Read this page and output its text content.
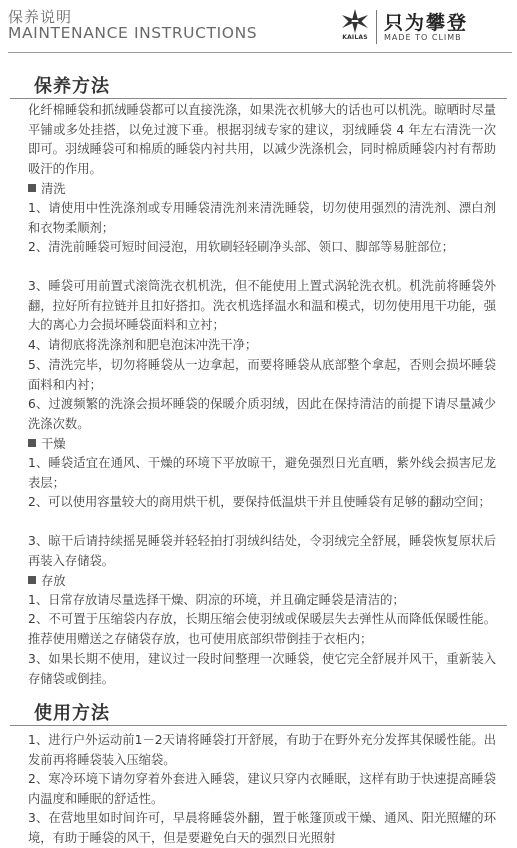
保养说明
MAINTENANCE INSTRUCTIONS	KAILAS
只为攀登
MADE TO CLIMB
保养方法

化纤棉睡袋和抓绒睡袋都可以直接洗涤，如果洗衣机够大的话也可以机洗。晾晒时尽量平铺或多处挂搭，以免过渡下垂。根据羽绒专家的建议，羽绒睡袋 4 年左右清洗一次即可。羽绒睡袋可和棉质的睡袋内衬共用，以减少洗涤机会，同时棉质睡袋内衬有帮助吸汗的作用。

清洗

1、请使用中性洗涤剂或专用睡袋清洗剂来清洗睡袋，切勿使用强烈的清洗剂、漂白剂和衣物柔顺剂；

2、清洗前睡袋可短时间浸泡，用软刷轻轻刷净头部、领口、脚部等易脏部位；

3、睡袋可用前置式滚筒洗衣机机洗，但不能使用上置式涡轮洗衣机。机洗前将睡袋外翻，拉好所有拉链并且扣好搭扣。洗衣机选择温水和温和模式，切勿使用甩干功能，强大的离心力会损坏睡袋面料和立衬；

4、请彻底将洗涤剂和肥皂泡沫冲洗干净；

5、清洗完毕，切勿将睡袋从一边拿起，而要将睡袋从底部整个拿起，否则会损坏睡袋面料和内衬；

6、过渡频繁的洗涤会损坏睡袋的保暖介质羽绒，因此在保持清洁的前提下请尽量减少洗涤次数。

干燥

1、睡袋适宜在通风、干燥的环境下平放晾干，避免强烈日光直晒，紫外线会损害尼龙表层；

2、可以使用容量较大的商用烘干机，要保持低温烘干并且使睡袋有足够的翻动空间；

3、晾干后请持续摇晃睡袋并轻轻拍打羽绒纠结处，令羽绒完全舒展，睡袋恢复原状后再装入存储袋。

存放

1、日常存放请尽量选择干燥、阴凉的环境，并且确定睡袋是清洁的；

2、不可置于压缩袋内存放，长期压缩会使羽绒或保暖层失去弹性从而降低保暖性能。推荐使用赠送之存储袋存放，也可使用底部织带倒挂于衣柜内；

3、如果长期不使用，建议过一段时间整理一次睡袋，使它完全舒展并风干，重新装入存储袋或倒挂。

使用方法

1、进行户外运动前1－2天请将睡袋打开舒展，有助于在野外充分发挥其保暖性能。出发前再将睡袋装入压缩袋。

2、寒冷环境下请勿穿着外套进入睡袋，建议只穿内衣睡眠，这样有助于快速提高睡袋内温度和睡眠的舒适性。

3、在营地里如时间许可，早晨将睡袋外翻，置于帐篷顶或干燥、通风、阳光照耀的环境，有助于睡袋的风干，但是要避免白天的强烈日光照射
